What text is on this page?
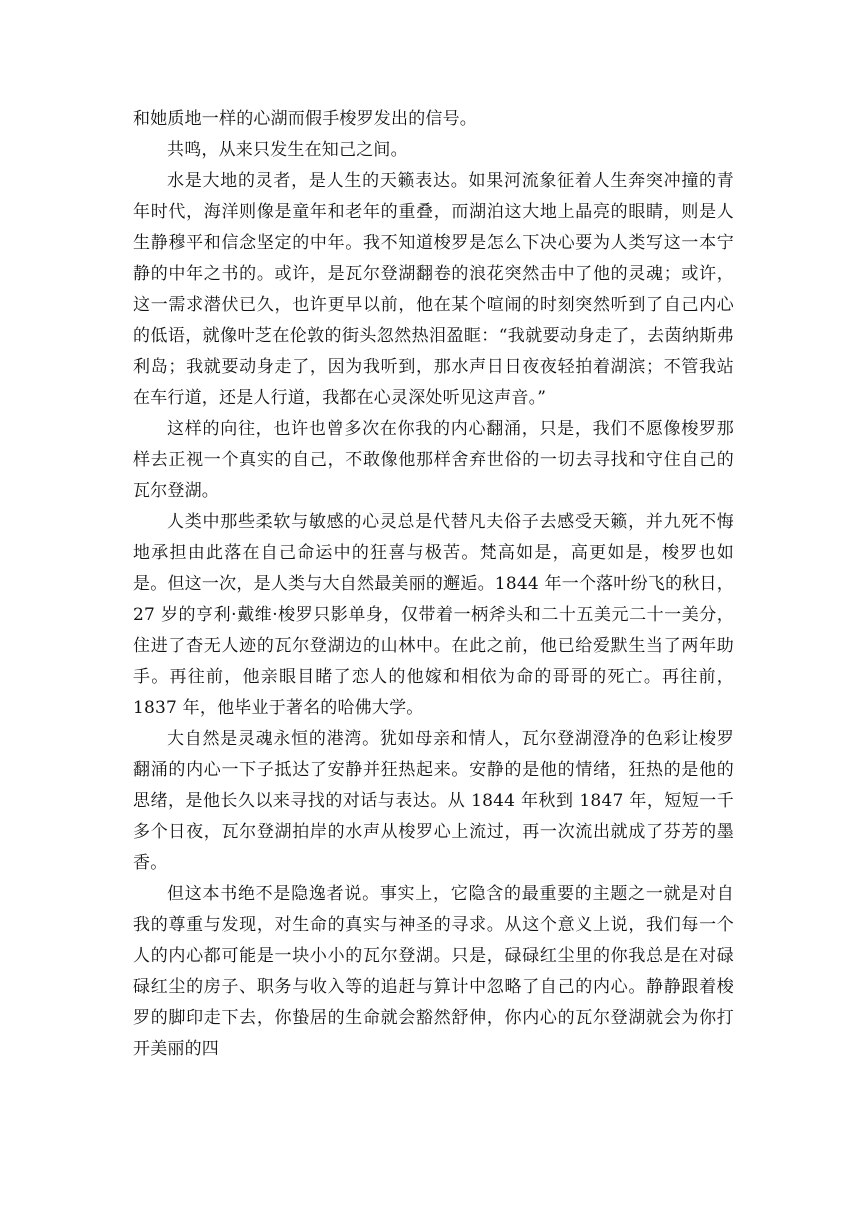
和她质地一样的心湖而假手梭罗发出的信号。

共鸣，从来只发生在知己之间。

水是大地的灵者，是人生的天籁表达。如果河流象征着人生奔突冲撞的青年时代，海洋则像是童年和老年的重叠，而湖泊这大地上晶亮的眼睛，则是人生静穆平和信念坚定的中年。我不知道梭罗是怎么下决心要为人类写这一本宁静的中年之书的。或许，是瓦尔登湖翻卷的浪花突然击中了他的灵魂；或许，这一需求潜伏已久，也许更早以前，他在某个喧闹的时刻突然听到了自己内心的低语，就像叶芝在伦敦的街头忽然热泪盈眶：“我就要动身走了，去茵纳斯弗利岛；我就要动身走了，因为我听到，那水声日日夜夜轻拍着湖滨；不管我站在车行道，还是人行道，我都在心灵深处听见这声音。”

这样的向往，也许也曾多次在你我的内心翻涌，只是，我们不愿像梭罗那样去正视一个真实的自己，不敢像他那样舍弃世俗的一切去寻找和守住自己的瓦尔登湖。

人类中那些柔软与敏感的心灵总是代替凡夫俗子去感受天籁，并九死不悔地承担由此落在自己命运中的狂喜与极苦。梵高如是，高更如是，梭罗也如是。但这一次，是人类与大自然最美丽的邂逅。1844 年一个落叶纷飞的秋日，27 岁的亨利·戴维·梭罗只影单身，仅带着一柄斧头和二十五美元二十一美分，住进了杳无人迹的瓦尔登湖边的山林中。在此之前，他已给爱默生当了两年助手。再往前，他亲眼目睹了恋人的他嫁和相依为命的哥哥的死亡。再往前，1837 年，他毕业于著名的哈佛大学。

大自然是灵魂永恒的港湾。犹如母亲和情人，瓦尔登湖澄净的色彩让梭罗翻涌的内心一下子抵达了安静并狂热起来。安静的是他的情绪，狂热的是他的思绪，是他长久以来寻找的对话与表达。从 1844 年秋到 1847 年，短短一千多个日夜，瓦尔登湖拍岸的水声从梭罗心上流过，再一次流出就成了芬芳的墨香。

但这本书绝不是隐逸者说。事实上，它隐含的最重要的主题之一就是对自我的尊重与发现，对生命的真实与神圣的寻求。从这个意义上说，我们每一个人的内心都可能是一块小小的瓦尔登湖。只是，碌碌红尘里的你我总是在对碌碌红尘的房子、职务与收入等的追赶与算计中忽略了自己的内心。静静跟着梭罗的脚印走下去，你蛰居的生命就会豁然舒伸，你内心的瓦尔登湖就会为你打开美丽的四
